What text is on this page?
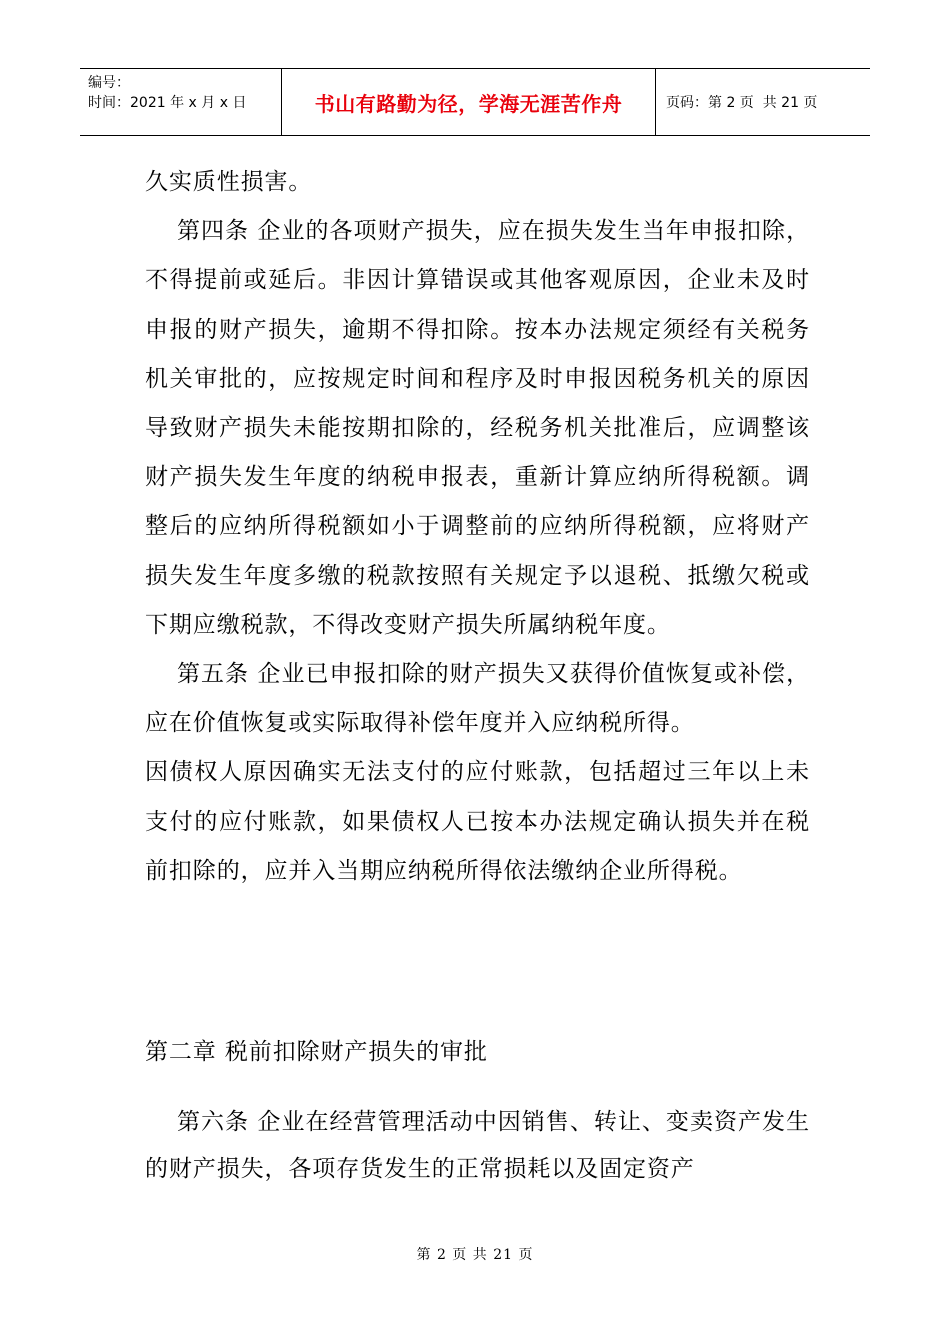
编号：
时间：2021 年 x 月 x 日	书山有路勤为径，学海无涯苦作舟	页码：第 2 页  共 21 页

久实质性损害。

第四条 企业的各项财产损失，应在损失发生当年申报扣除，不得提前或延后。非因计算错误或其他客观原因，企业未及时申报的财产损失，逾期不得扣除。按本办法规定须经有关税务机关审批的，应按规定时间和程序及时申报因税务机关的原因导致财产损失未能按期扣除的，经税务机关批准后，应调整该财产损失发生年度的纳税申报表，重新计算应纳所得税额。调整后的应纳所得税额如小于调整前的应纳所得税额，应将财产损失发生年度多缴的税款按照有关规定予以退税、抵缴欠税或下期应缴税款，不得改变财产损失所属纳税年度。

第五条 企业已申报扣除的财产损失又获得价值恢复或补偿，应在价值恢复或实际取得补偿年度并入应纳税所得。

因债权人原因确实无法支付的应付账款，包括超过三年以上未支付的应付账款，如果债权人已按本办法规定确认损失并在税前扣除的，应并入当期应纳税所得依法缴纳企业所得税。

第二章 税前扣除财产损失的审批

第六条 企业在经营管理活动中因销售、转让、变卖资产发生的财产损失，各项存货发生的正常损耗以及固定资产

第 2 页 共 21 页
